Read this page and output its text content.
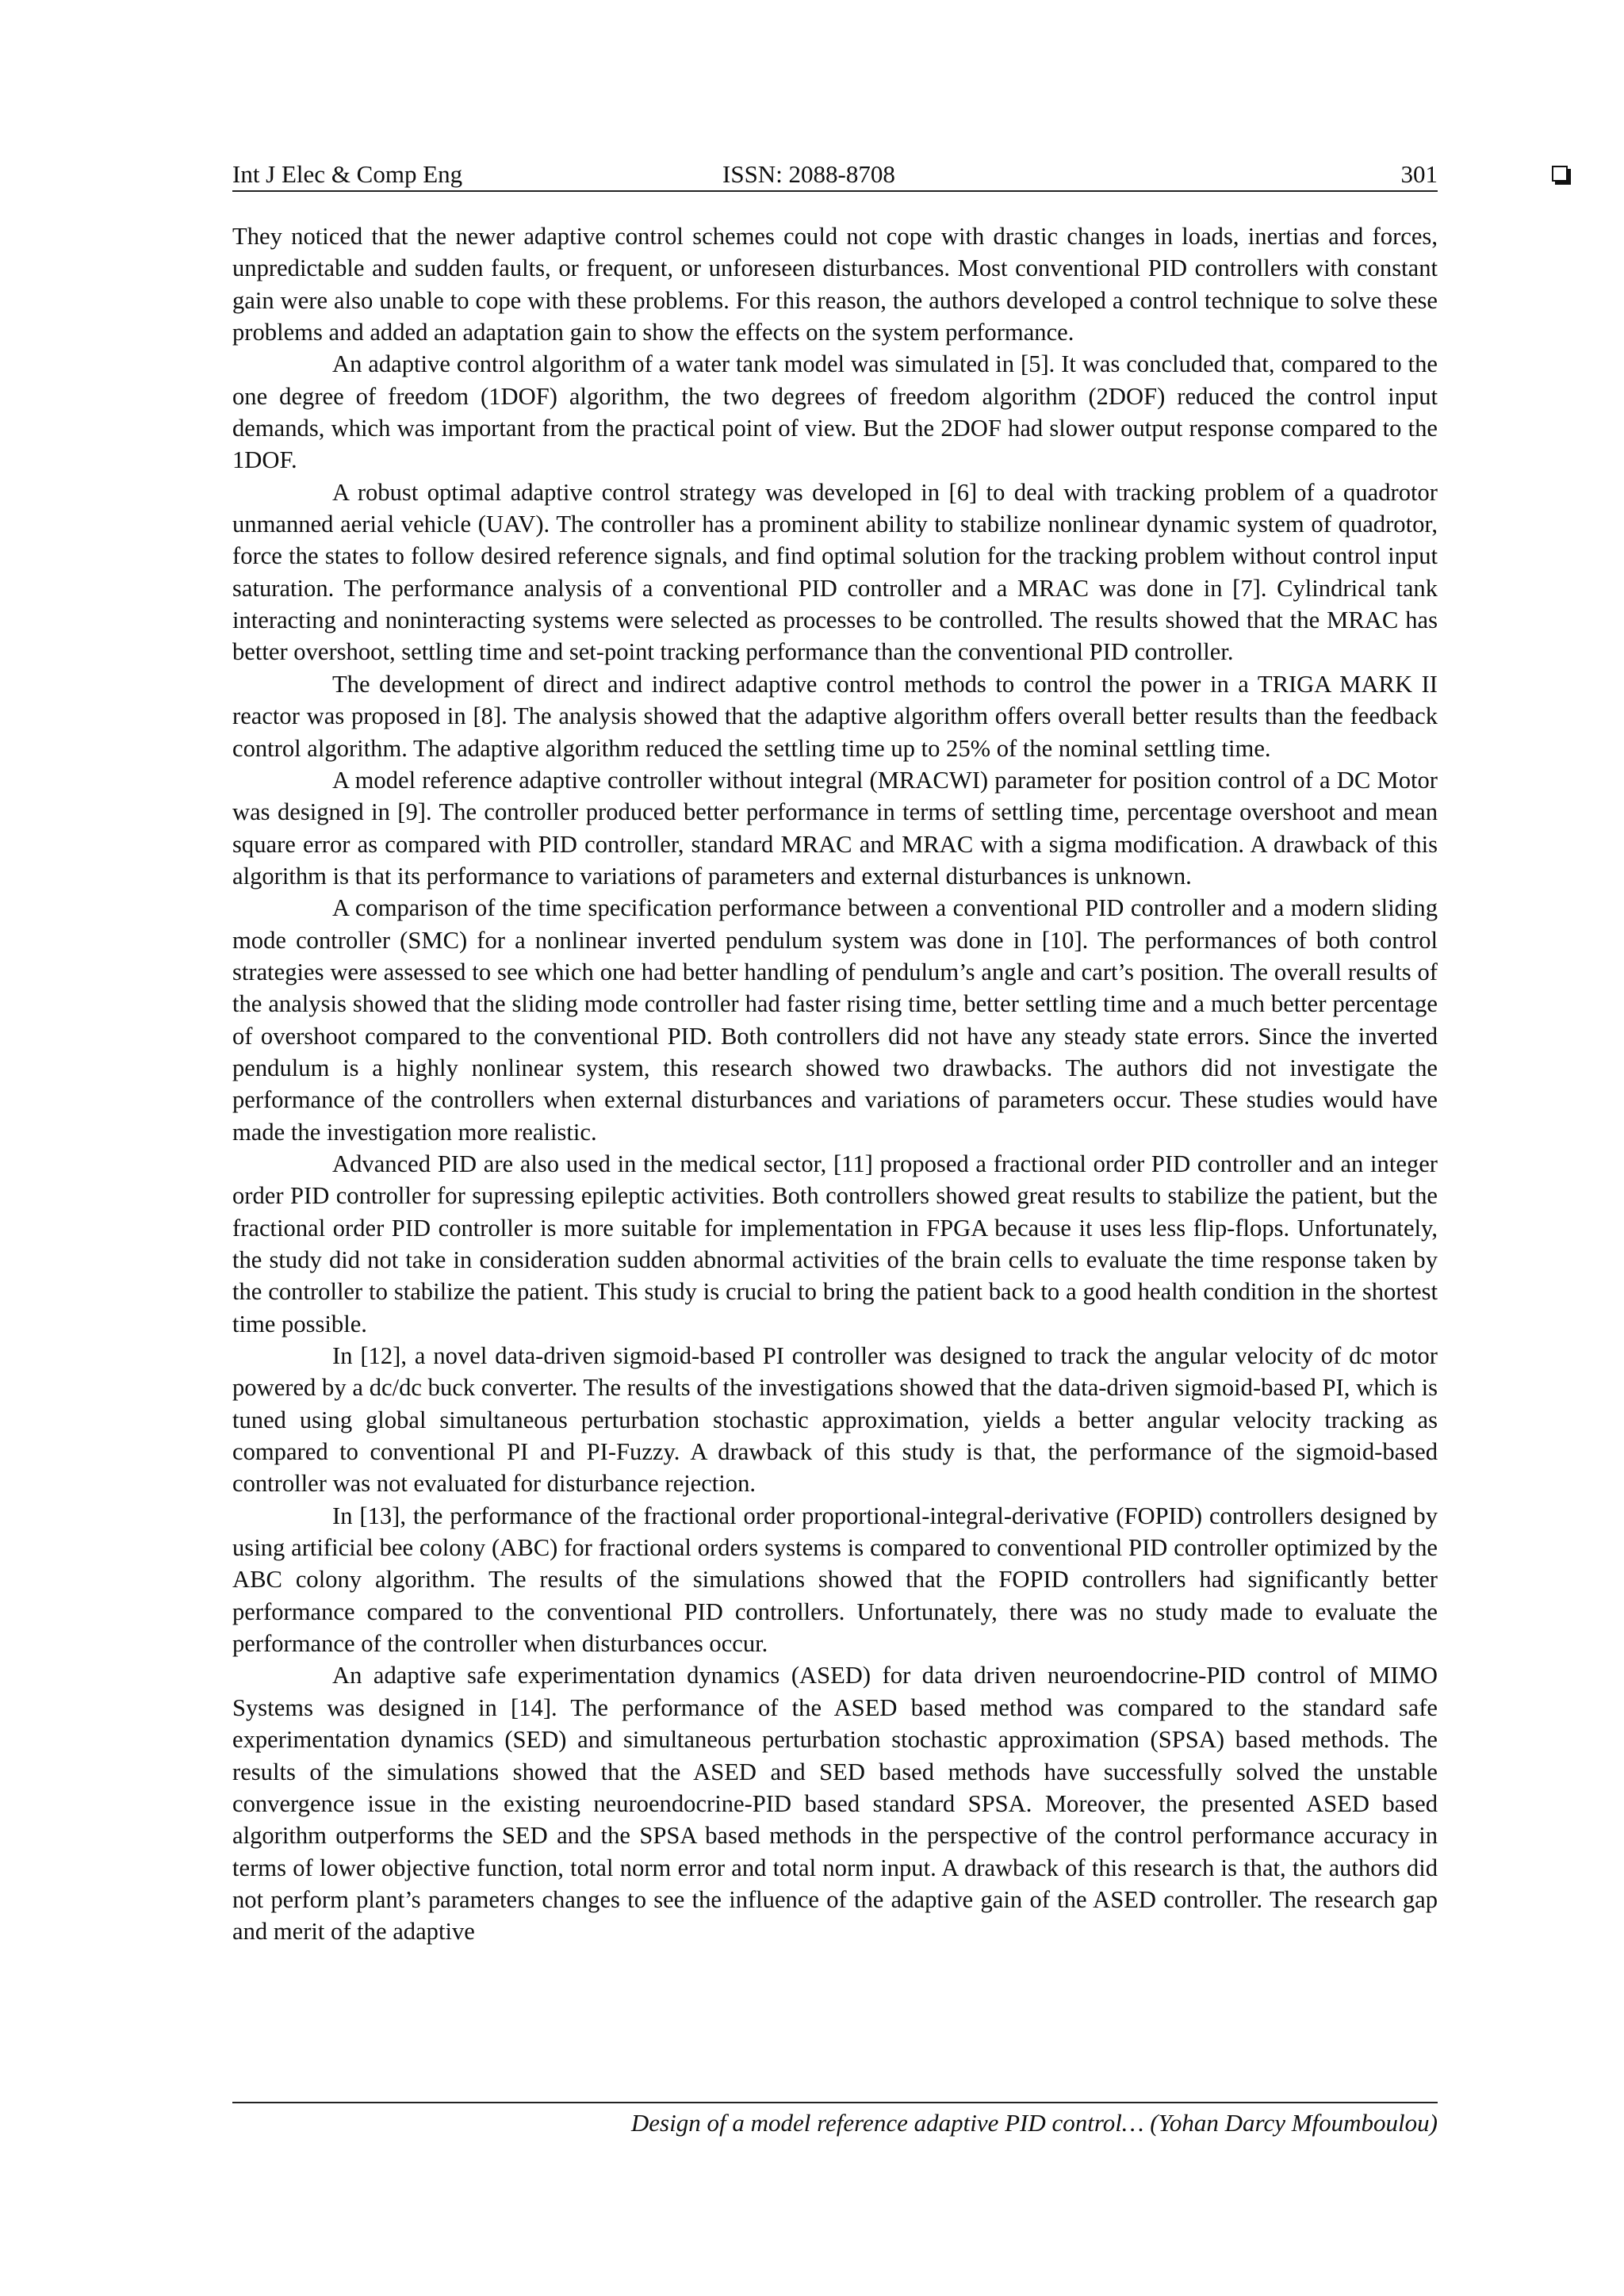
Int J Elec & Comp Eng	ISSN: 2088-8708	301

They noticed that the newer adaptive control schemes could not cope with drastic changes in loads, inertias and forces, unpredictable and sudden faults, or frequent, or unforeseen disturbances. Most conventional PID controllers with constant gain were also unable to cope with these problems. For this reason, the authors developed a control technique to solve these problems and added an adaptation gain to show the effects on the system performance.

An adaptive control algorithm of a water tank model was simulated in [5]. It was concluded that, compared to the one degree of freedom (1DOF) algorithm, the two degrees of freedom algorithm (2DOF) reduced the control input demands, which was important from the practical point of view. But the 2DOF had slower output response compared to the 1DOF.

A robust optimal adaptive control strategy was developed in [6] to deal with tracking problem of a quadrotor unmanned aerial vehicle (UAV). The controller has a prominent ability to stabilize nonlinear dynamic system of quadrotor, force the states to follow desired reference signals, and find optimal solution for the tracking problem without control input saturation. The performance analysis of a conventional PID controller and a MRAC was done in [7]. Cylindrical tank interacting and noninteracting systems were selected as processes to be controlled. The results showed that the MRAC has better overshoot, settling time and set-point tracking performance than the conventional PID controller.

The development of direct and indirect adaptive control methods to control the power in a TRIGA MARK II reactor was proposed in [8]. The analysis showed that the adaptive algorithm offers overall better results than the feedback control algorithm. The adaptive algorithm reduced the settling time up to 25% of the nominal settling time.

A model reference adaptive controller without integral (MRACWI) parameter for position control of a DC Motor was designed in [9]. The controller produced better performance in terms of settling time, percentage overshoot and mean square error as compared with PID controller, standard MRAC and MRAC with a sigma modification. A drawback of this algorithm is that its performance to variations of parameters and external disturbances is unknown.

A comparison of the time specification performance between a conventional PID controller and a modern sliding mode controller (SMC) for a nonlinear inverted pendulum system was done in [10]. The performances of both control strategies were assessed to see which one had better handling of pendulum’s angle and cart’s position. The overall results of the analysis showed that the sliding mode controller had faster rising time, better settling time and a much better percentage of overshoot compared to the conventional PID. Both controllers did not have any steady state errors. Since the inverted pendulum is a highly nonlinear system, this research showed two drawbacks. The authors did not investigate the performance of the controllers when external disturbances and variations of parameters occur. These studies would have made the investigation more realistic.

Advanced PID are also used in the medical sector, [11] proposed a fractional order PID controller and an integer order PID controller for supressing epileptic activities. Both controllers showed great results to stabilize the patient, but the fractional order PID controller is more suitable for implementation in FPGA because it uses less flip-flops. Unfortunately, the study did not take in consideration sudden abnormal activities of the brain cells to evaluate the time response taken by the controller to stabilize the patient. This study is crucial to bring the patient back to a good health condition in the shortest time possible.

In [12], a novel data-driven sigmoid-based PI controller was designed to track the angular velocity of dc motor powered by a dc/dc buck converter. The results of the investigations showed that the data-driven sigmoid-based PI, which is tuned using global simultaneous perturbation stochastic approximation, yields a better angular velocity tracking as compared to conventional PI and PI-Fuzzy. A drawback of this study is that, the performance of the sigmoid-based controller was not evaluated for disturbance rejection.

In [13], the performance of the fractional order proportional-integral-derivative (FOPID) controllers designed by using artificial bee colony (ABC) for fractional orders systems is compared to conventional PID controller optimized by the ABC colony algorithm. The results of the simulations showed that the FOPID controllers had significantly better performance compared to the conventional PID controllers. Unfortunately, there was no study made to evaluate the performance of the controller when disturbances occur.

An adaptive safe experimentation dynamics (ASED) for data driven neuroendocrine-PID control of MIMO Systems was designed in [14]. The performance of the ASED based method was compared to the standard safe experimentation dynamics (SED) and simultaneous perturbation stochastic approximation (SPSA) based methods. The results of the simulations showed that the ASED and SED based methods have successfully solved the unstable convergence issue in the existing neuroendocrine-PID based standard SPSA. Moreover, the presented ASED based algorithm outperforms the SED and the SPSA based methods in the perspective of the control performance accuracy in terms of lower objective function, total norm error and total norm input. A drawback of this research is that, the authors did not perform plant’s parameters changes to see the influence of the adaptive gain of the ASED controller. The research gap and merit of the adaptive

Design of a model reference adaptive PID control… (Yohan Darcy Mfoumboulou)
